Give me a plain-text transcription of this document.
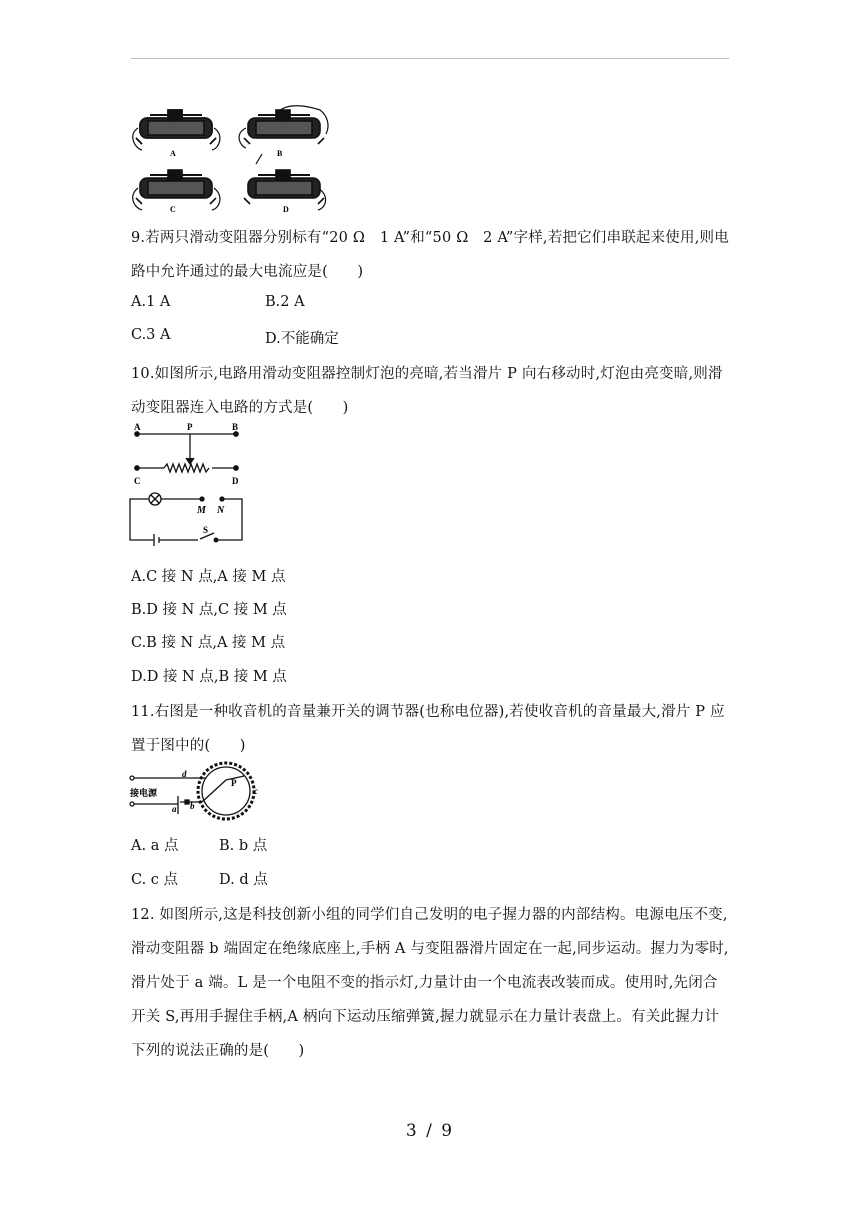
A	B
C	D
9.若两只滑动变阻器分别标有“20 Ω　1 A”和“50 Ω　2 A”字样,若把它们串联起来使用,则电
路中允许通过的最大电流应是(　　)
A.1 A	B.2 A
C.3 A	D.不能确定
10.如图所示,电路用滑动变阻器控制灯泡的亮暗,若当滑片 P 向右移动时,灯泡由亮变暗,则滑
动变阻器连入电路的方式是(　　)
A	P	B
C	D
M N
S
A.C 接 N 点,A 接 M 点
B.D 接 N 点,C 接 M 点
C.B 接 N 点,A 接 M 点
D.D 接 N 点,B 接 M 点
11.右图是一种收音机的音量兼开关的调节器(也称电位器),若使收音机的音量最大,滑片 P 应
置于图中的(　　)
接电源
d
a b
P
c
A. a 点	B. b 点
C. c 点	D. d 点
12. 如图所示,这是科技创新小组的同学们自己发明的电子握力器的内部结构。电源电压不变,
滑动变阻器 b 端固定在绝缘底座上,手柄 A 与变阻器滑片固定在一起,同步运动。握力为零时,
滑片处于 a 端。L 是一个电阻不变的指示灯,力量计由一个电流表改装而成。使用时,先闭合
开关 S,再用手握住手柄,A 柄向下运动压缩弹簧,握力就显示在力量计表盘上。有关此握力计
下列的说法正确的是(　　)
3 / 9
